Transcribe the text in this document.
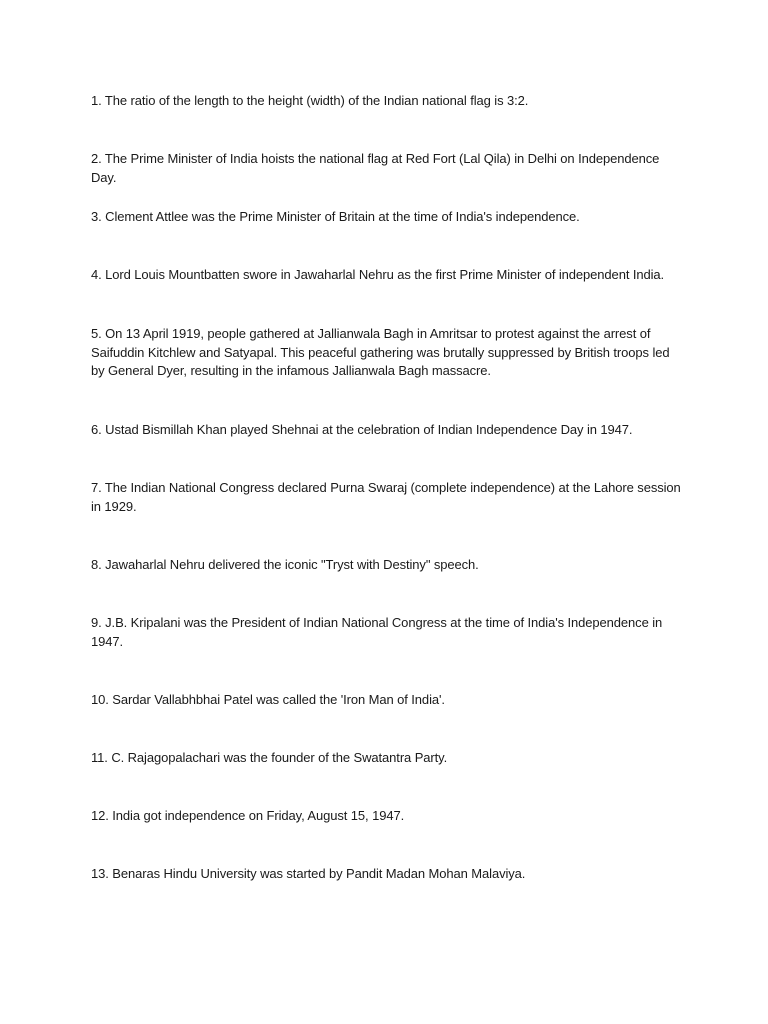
1. The ratio of the length to the height (width) of the Indian national flag is 3:2.

2. The Prime Minister of India hoists the national flag at Red Fort (Lal Qila) in Delhi on Independence Day.

3. Clement Attlee was the Prime Minister of Britain at the time of India's independence.

4. Lord Louis Mountbatten swore in Jawaharlal Nehru as the first Prime Minister of independent India.

5. On 13 April 1919, people gathered at Jallianwala Bagh in Amritsar to protest against the arrest of Saifuddin Kitchlew and Satyapal. This peaceful gathering was brutally suppressed by British troops led by General Dyer, resulting in the infamous Jallianwala Bagh massacre.

6. Ustad Bismillah Khan played Shehnai at the celebration of Indian Independence Day in 1947.

7. The Indian National Congress declared Purna Swaraj (complete independence) at the Lahore session in 1929.

8. Jawaharlal Nehru delivered the iconic "Tryst with Destiny" speech.

9. J.B. Kripalani was the President of Indian National Congress at the time of India's Independence in 1947.

10. Sardar Vallabhbhai Patel was called the 'Iron Man of India'.

11. C. Rajagopalachari was the founder of the Swatantra Party.

12. India got independence on Friday, August 15, 1947.

13. Benaras Hindu University was started by Pandit Madan Mohan Malaviya.
